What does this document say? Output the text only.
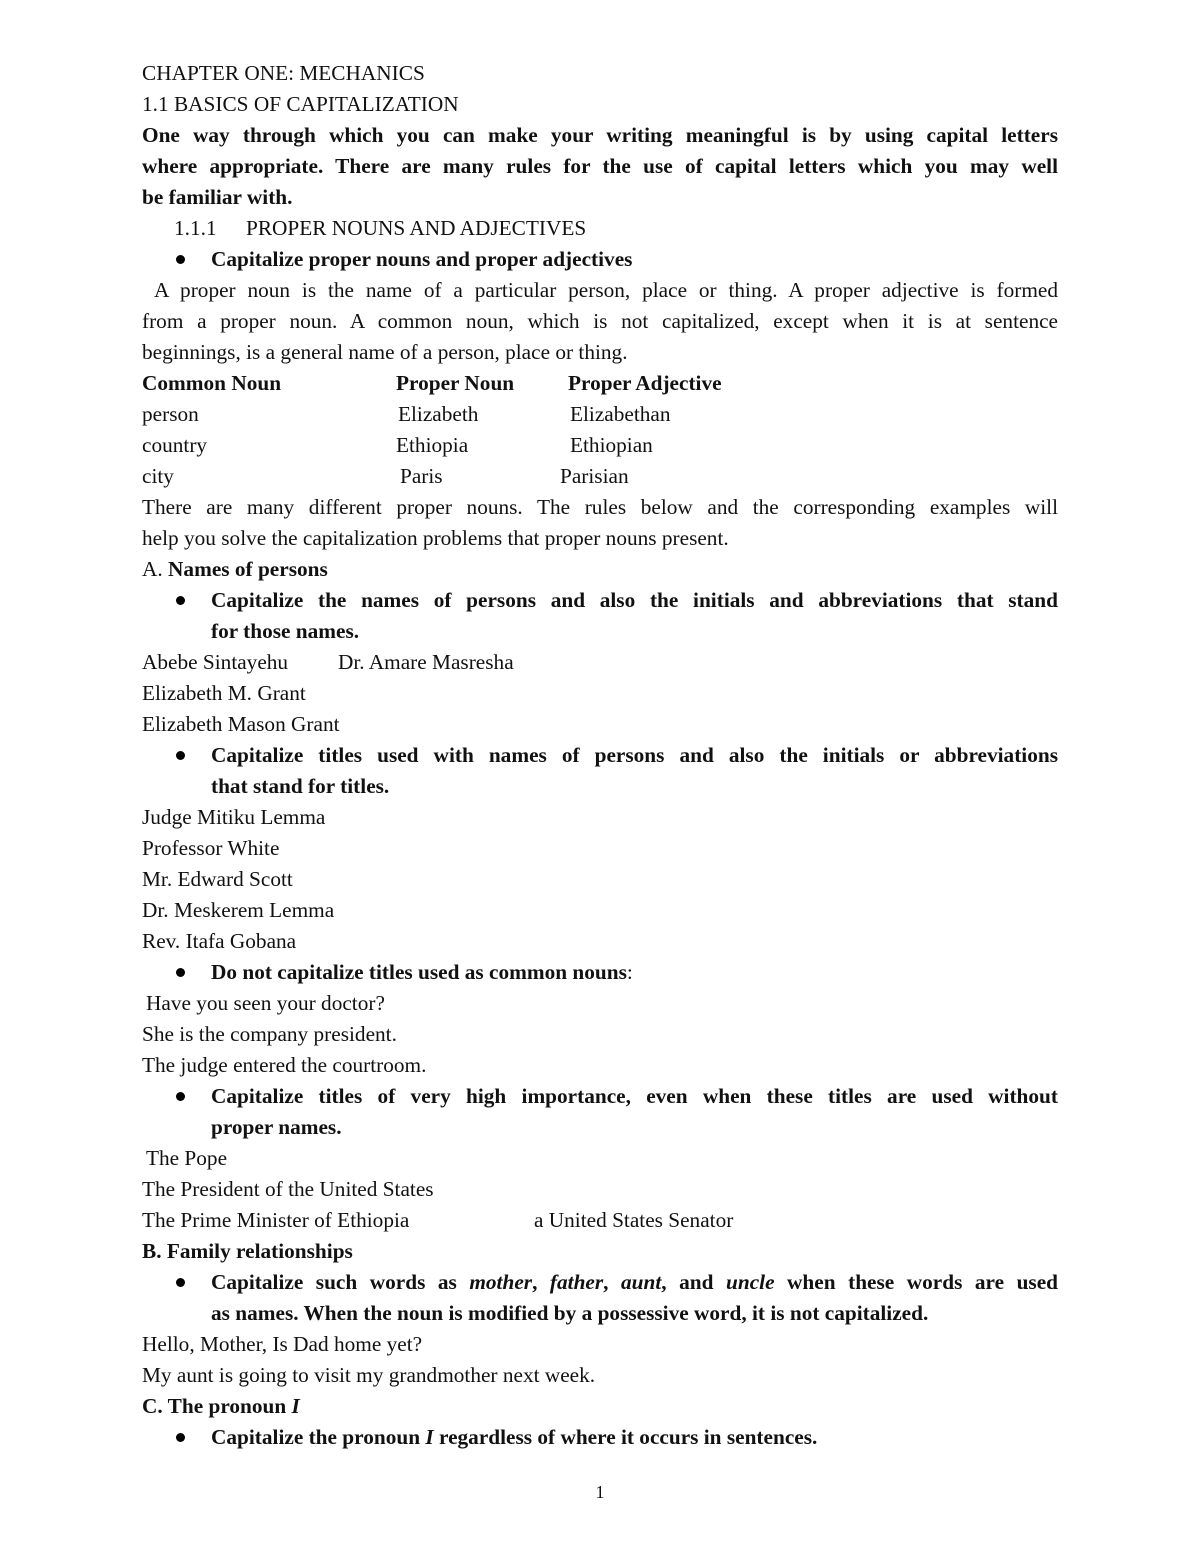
CHAPTER ONE: MECHANICS
1.1 BASICS OF CAPITALIZATION
One way through which you can make your writing meaningful is by using capital letters
where appropriate. There are many rules for the use of capital letters which you may well
be familiar with.
1.1.1 PROPER NOUNS AND ADJECTIVES
Capitalize proper nouns and proper adjectives
A proper noun is the name of a particular person, place or thing. A proper adjective is formed
from a proper noun. A common noun, which is not capitalized, except when it is at sentence
beginnings, is a general name of a person, place or thing.
Common Noun	Proper Noun	Proper Adjective
person	Elizabeth	Elizabethan
country	Ethiopia	Ethiopian
city	Paris	Parisian
There are many different proper nouns. The rules below and the corresponding examples will
help you solve the capitalization problems that proper nouns present.
A. Names of persons
Capitalize the names of persons and also the initials and abbreviations that stand
for those names.
Abebe Sintayehu Dr. Amare Masresha
Elizabeth M. Grant
Elizabeth Mason Grant
Capitalize titles used with names of persons and also the initials or abbreviations
that stand for titles.
Judge Mitiku Lemma
Professor White
Mr. Edward Scott
Dr. Meskerem Lemma
Rev. Itafa Gobana
Do not capitalize titles used as common nouns:
Have you seen your doctor?
She is the company president.
The judge entered the courtroom.
Capitalize titles of very high importance, even when these titles are used without
proper names.
The Pope
The President of the United States
The Prime Minister of Ethiopia	a United States Senator
B. Family relationships
Capitalize such words as mother, father, aunt, and uncle when these words are used
as names. When the noun is modified by a possessive word, it is not capitalized.
Hello, Mother, Is Dad home yet?
My aunt is going to visit my grandmother next week.
C. The pronoun I
Capitalize the pronoun I regardless of where it occurs in sentences.
1
